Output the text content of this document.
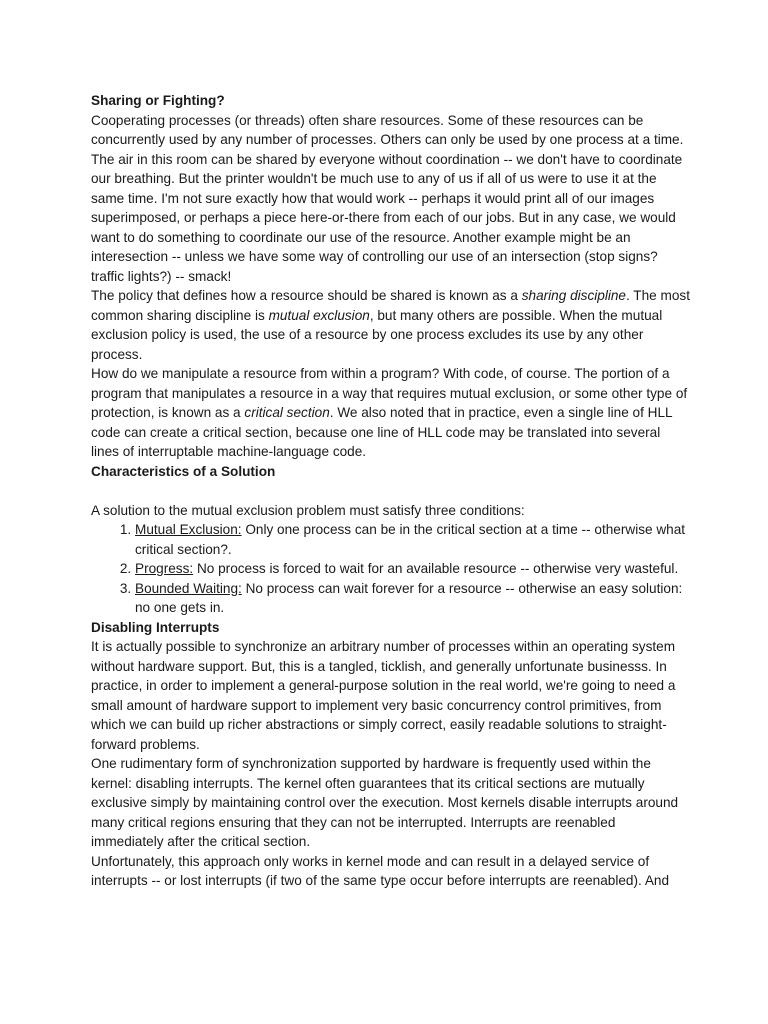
Sharing or Fighting?

Cooperating processes (or threads) often share resources. Some of these resources can be concurrently used by any number of processes. Others can only be used by one process at a time.

The air in this room can be shared by everyone without coordination -- we don't have to coordinate our breathing. But the printer wouldn't be much use to any of us if all of us were to use it at the same time. I'm not sure exactly how that would work -- perhaps it would print all of our images superimposed, or perhaps a piece here-or-there from each of our jobs. But in any case, we would want to do something to coordinate our use of the resource. Another example might be an interesection -- unless we have some way of controlling our use of an intersection (stop signs? traffic lights?) -- smack!

The policy that defines how a resource should be shared is known as a sharing discipline. The most common sharing discipline is mutual exclusion, but many others are possible. When the mutual exclusion policy is used, the use of a resource by one process excludes its use by any other process.

How do we manipulate a resource from within a program? With code, of course. The portion of a program that manipulates a resource in a way that requires mutual exclusion, or some other type of protection, is known as a critical section. We also noted that in practice, even a single line of HLL code can create a critical section, because one line of HLL code may be translated into several lines of interruptable machine-language code.

Characteristics of a Solution

A solution to the mutual exclusion problem must satisfy three conditions:

1. Mutual Exclusion: Only one process can be in the critical section at a time -- otherwise what critical section?.
2. Progress: No process is forced to wait for an available resource -- otherwise very wasteful.
3. Bounded Waiting: No process can wait forever for a resource -- otherwise an easy solution: no one gets in.
Disabling Interrupts

It is actually possible to synchronize an arbitrary number of processes within an operating system without hardware support. But, this is a tangled, ticklish, and generally unfortunate businesss. In practice, in order to implement a general-purpose solution in the real world, we're going to need a small amount of hardware support to implement very basic concurrency control primitives, from which we can build up richer abstractions or simply correct, easily readable solutions to straight-forward problems.

One rudimentary form of synchronization supported by hardware is frequently used within the kernel: disabling interrupts. The kernel often guarantees that its critical sections are mutually exclusive simply by maintaining control over the execution. Most kernels disable interrupts around many critical regions ensuring that they can not be interrupted. Interrupts are reenabled immediately after the critical section.

Unfortunately, this approach only works in kernel mode and can result in a delayed service of interrupts -- or lost interrupts (if two of the same type occur before interrupts are reenabled). And
